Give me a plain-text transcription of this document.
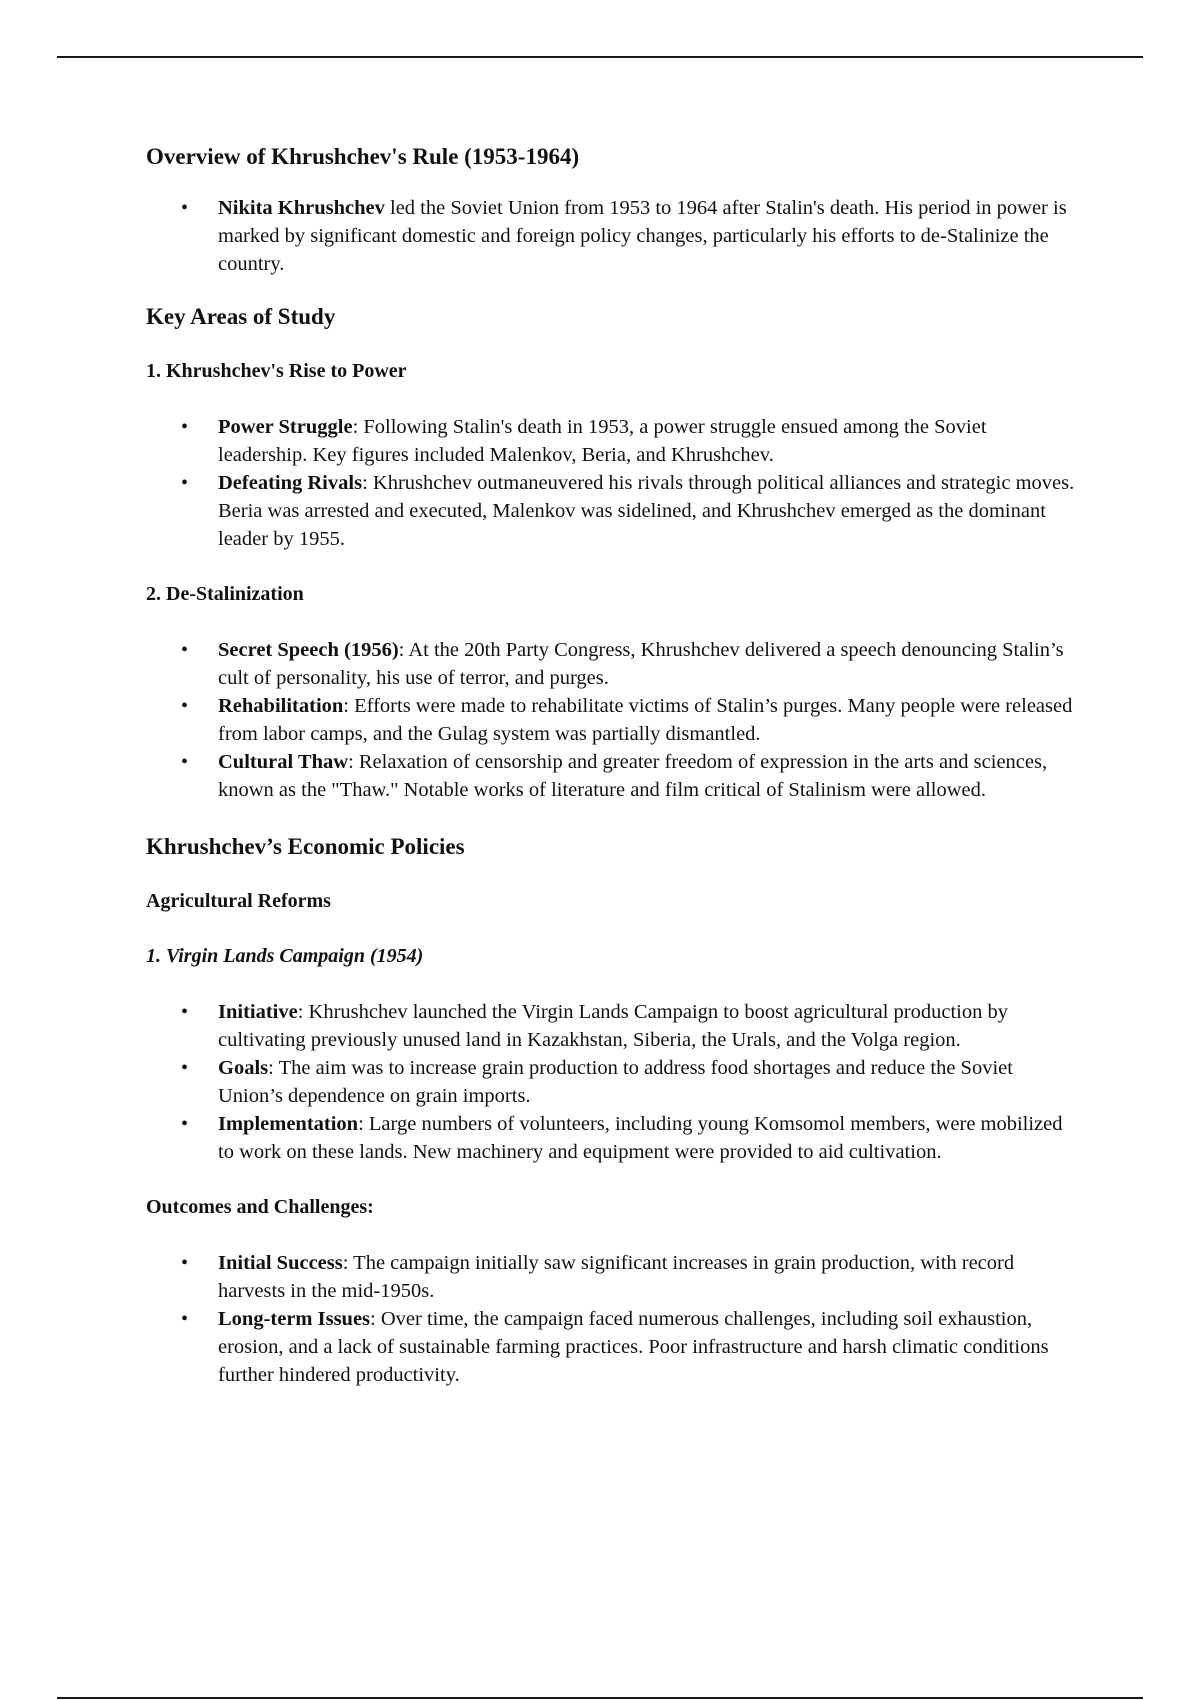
Overview of Khrushchev's Rule (1953-1964)
• Nikita Khrushchev led the Soviet Union from 1953 to 1964 after Stalin's death. His period in power is marked by significant domestic and foreign policy changes, particularly his efforts to de-Stalinize the country.
Key Areas of Study
1. Khrushchev's Rise to Power
• Power Struggle: Following Stalin's death in 1953, a power struggle ensued among the Soviet leadership. Key figures included Malenkov, Beria, and Khrushchev.
• Defeating Rivals: Khrushchev outmaneuvered his rivals through political alliances and strategic moves. Beria was arrested and executed, Malenkov was sidelined, and Khrushchev emerged as the dominant leader by 1955.
2. De-Stalinization
• Secret Speech (1956): At the 20th Party Congress, Khrushchev delivered a speech denouncing Stalin’s cult of personality, his use of terror, and purges.
• Rehabilitation: Efforts were made to rehabilitate victims of Stalin’s purges. Many people were released from labor camps, and the Gulag system was partially dismantled.
• Cultural Thaw: Relaxation of censorship and greater freedom of expression in the arts and sciences, known as the "Thaw." Notable works of literature and film critical of Stalinism were allowed.
Khrushchev’s Economic Policies
Agricultural Reforms
1. Virgin Lands Campaign (1954)
• Initiative: Khrushchev launched the Virgin Lands Campaign to boost agricultural production by cultivating previously unused land in Kazakhstan, Siberia, the Urals, and the Volga region.
• Goals: The aim was to increase grain production to address food shortages and reduce the Soviet Union’s dependence on grain imports.
• Implementation: Large numbers of volunteers, including young Komsomol members, were mobilized to work on these lands. New machinery and equipment were provided to aid cultivation.
Outcomes and Challenges:
• Initial Success: The campaign initially saw significant increases in grain production, with record harvests in the mid-1950s.
• Long-term Issues: Over time, the campaign faced numerous challenges, including soil exhaustion, erosion, and a lack of sustainable farming practices. Poor infrastructure and harsh climatic conditions further hindered productivity.
